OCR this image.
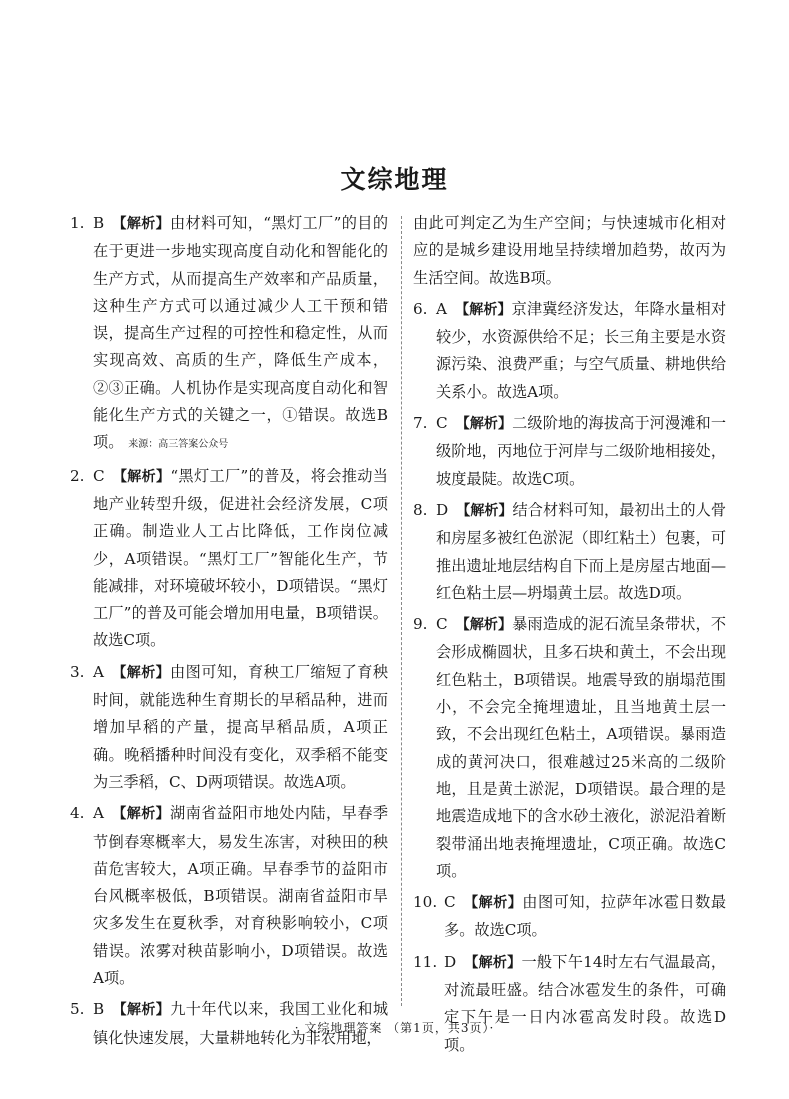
文综地理
1. B 【解析】由材料可知，“黑灯工厂”的目的在于更进一步地实现高度自动化和智能化的生产方式，从而提高生产效率和产品质量，这种生产方式可以通过减少人工干预和错误，提高生产过程的可控性和稳定性，从而实现高效、高质的生产，降低生产成本，②③正确。人机协作是实现高度自动化和智能化生产方式的关键之一，①错误。故选B项。 来源：高三答案公众号
2. C 【解析】“黑灯工厂”的普及，将会推动当地产业转型升级，促进社会经济发展，C项正确。制造业人工占比降低，工作岗位减少，A项错误。“黑灯工厂”智能化生产，节能减排，对环境破坏较小，D项错误。“黑灯工厂”的普及可能会增加用电量，B项错误。故选C项。
3. A 【解析】由图可知，育秧工厂缩短了育秧时间，就能选种生育期长的早稻品种，进而增加早稻的产量，提高早稻品质，A项正确。晚稻播种时间没有变化，双季稻不能变为三季稻，C、D两项错误。故选A项。
4. A 【解析】湖南省益阳市地处内陆，早春季节倒春寒概率大，易发生冻害，对秧田的秧苗危害较大，A项正确。早春季节的益阳市台风概率极低，B项错误。湖南省益阳市旱灾多发生在夏秋季，对育秧影响较小，C项错误。浓雾对秧苗影响小，D项错误。故选A项。
5. B 【解析】九十年代以来，我国工业化和城镇化快速发展，大量耕地转化为非农用地，
由此可判定乙为生产空间；与快速城市化相对应的是城乡建设用地呈持续增加趋势，故丙为生活空间。故选B项。
6. A 【解析】京津冀经济发达，年降水量相对较少，水资源供给不足；长三角主要是水资源污染、浪费严重；与空气质量、耕地供给关系小。故选A项。
7. C 【解析】二级阶地的海拔高于河漫滩和一级阶地，丙地位于河岸与二级阶地相接处，坡度最陡。故选C项。
8. D 【解析】结合材料可知，最初出土的人骨和房屋多被红色淤泥（即红粘土）包裹，可推出遗址地层结构自下而上是房屋古地面—红色粘土层—坍塌黄土层。故选D项。
9. C 【解析】暴雨造成的泥石流呈条带状，不会形成椭圆状，且多石块和黄土，不会出现红色粘土，B项错误。地震导致的崩塌范围小，不会完全掩埋遗址，且当地黄土层一致，不会出现红色粘土，A项错误。暴雨造成的黄河决口，很难越过25米高的二级阶地，且是黄土淤泥，D项错误。最合理的是地震造成地下的含水砂土液化，淤泥沿着断裂带涌出地表掩埋遗址，C项正确。故选C项。
10. C 【解析】由图可知，拉萨年冰雹日数最多。故选C项。
11. D 【解析】一般下午14时左右气温最高，对流最旺盛。结合冰雹发生的条件，可确定下午是一日内冰雹高发时段。故选D项。
· 文综地理答案 （第1页，共3页）·
